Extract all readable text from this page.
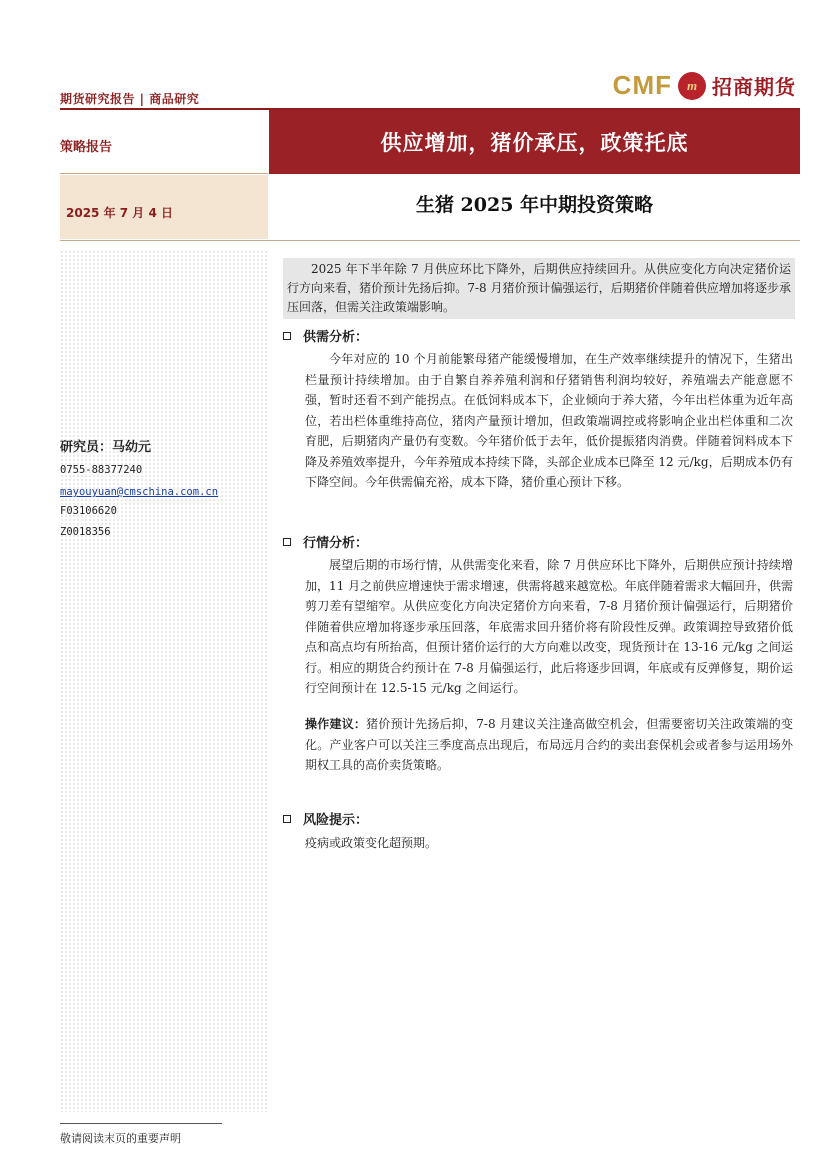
期货研究报告 | 商品研究	CMF	m 招商期货
策略报告
2025 年 7 月 4 日
研究员：马幼元
0755-88377240
mayouyuan@cmschina.com.cn
F03106620
Z0018356
供应增加，猪价承压，政策托底
生猪 2025 年中期投资策略
2025 年下半年除 7 月供应环比下降外，后期供应持续回升。从供应变化方向决定猪价运行方向来看，猪价预计先扬后抑。7-8 月猪价预计偏强运行，后期猪价伴随着供应增加将逐步承压回落，但需关注政策端影响。
供需分析：
今年对应的 10 个月前能繁母猪产能缓慢增加，在生产效率继续提升的情况下，生猪出栏量预计持续增加。由于自繁自养养殖利润和仔猪销售利润均较好，养殖端去产能意愿不强，暂时还看不到产能拐点。在低饲料成本下，企业倾向于养大猪，今年出栏体重为近年高位，若出栏体重维持高位，猪肉产量预计增加，但政策端调控或将影响企业出栏体重和二次育肥，后期猪肉产量仍有变数。今年猪价低于去年，低价提振猪肉消费。伴随着饲料成本下降及养殖效率提升，今年养殖成本持续下降，头部企业成本已降至 12 元/kg，后期成本仍有下降空间。今年供需偏充裕，成本下降，猪价重心预计下移。
行情分析：
展望后期的市场行情，从供需变化来看，除 7 月供应环比下降外，后期供应预计持续增加，11 月之前供应增速快于需求增速，供需将越来越宽松。年底伴随着需求大幅回升，供需剪刀差有望缩窄。从供应变化方向决定猪价方向来看，7-8 月猪价预计偏强运行，后期猪价伴随着供应增加将逐步承压回落，年底需求回升猪价将有阶段性反弹。政策调控导致猪价低点和高点均有所抬高，但预计猪价运行的大方向难以改变，现货预计在 13-16 元/kg 之间运行。相应的期货合约预计在 7-8 月偏强运行，此后将逐步回调，年底或有反弹修复，期价运行空间预计在 12.5-15 元/kg 之间运行。
操作建议：猪价预计先扬后抑，7-8 月建议关注逢高做空机会，但需要密切关注政策端的变化。产业客户可以关注三季度高点出现后，布局远月合约的卖出套保机会或者参与运用场外期权工具的高价卖货策略。
风险提示：
疫病或政策变化超预期。
敬请阅读末页的重要声明
